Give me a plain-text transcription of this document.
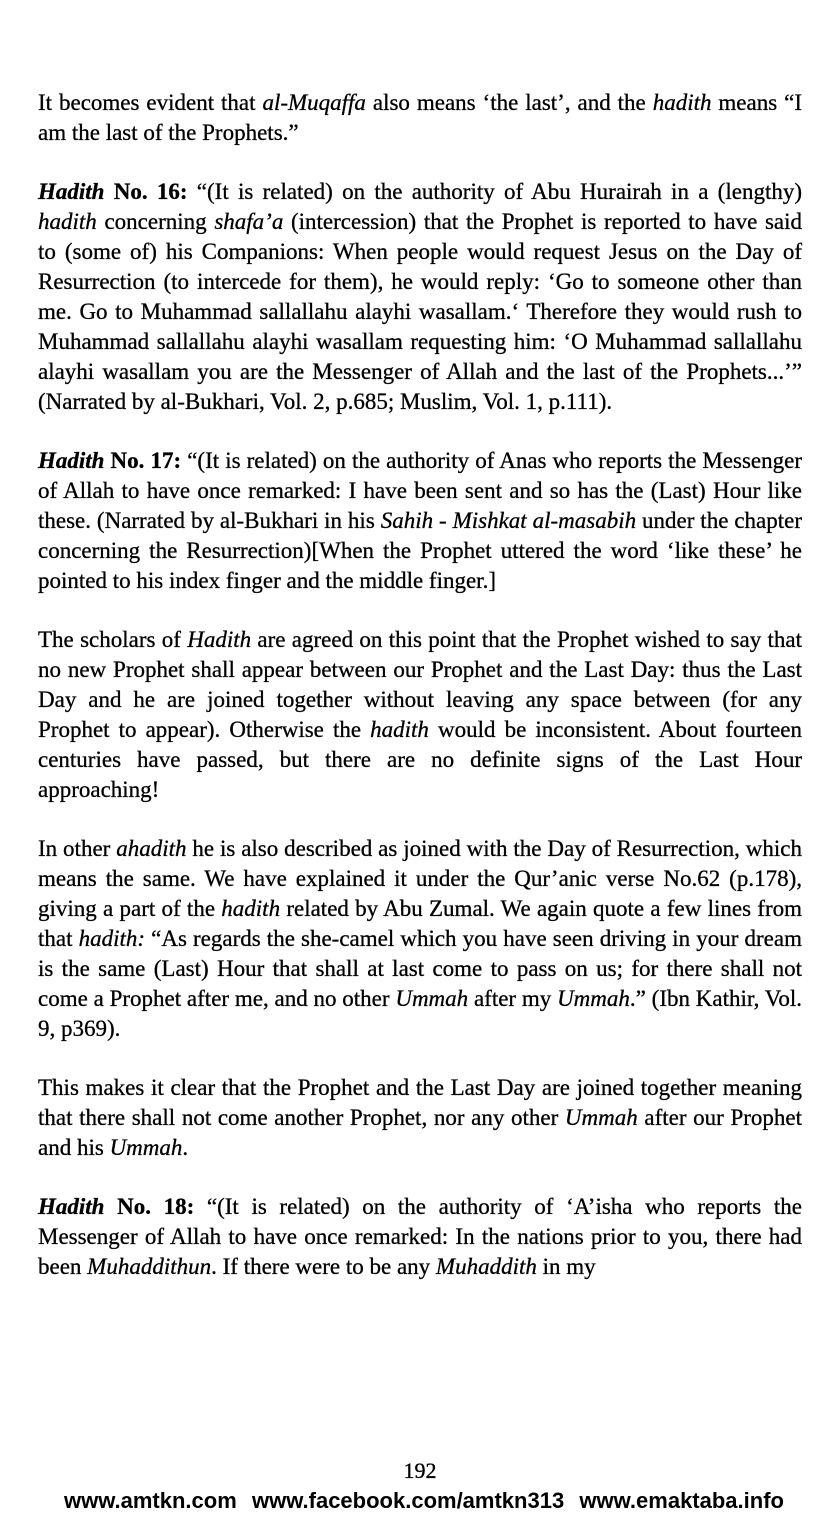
It becomes evident that al-Muqaffa also means ‘the last’, and the hadith means “I am the last of the Prophets.”

Hadith No. 16: “(It is related) on the authority of Abu Hurairah in a (lengthy) hadith concerning shafa’a (intercession) that the Prophet is reported to have said to (some of) his Companions: When people would request Jesus on the Day of Resurrection (to intercede for them), he would reply: ‘Go to someone other than me. Go to Muhammad sallallahu alayhi wasallam.‘ Therefore they would rush to Muhammad sallallahu alayhi wasallam requesting him: ‘O Muhammad sallallahu alayhi wasallam you are the Messenger of Allah and the last of the Prophets...’” (Narrated by al-Bukhari, Vol. 2, p.685; Muslim, Vol. 1, p.111).

Hadith No. 17: “(It is related) on the authority of Anas who reports the Messenger of Allah to have once remarked: I have been sent and so has the (Last) Hour like these. (Narrated by al-Bukhari in his Sahih - Mishkat al-masabih under the chapter concerning the Resurrection)[When the Prophet uttered the word ‘like these’ he pointed to his index finger and the middle finger.]

The scholars of Hadith are agreed on this point that the Prophet wished to say that no new Prophet shall appear between our Prophet and the Last Day: thus the Last Day and he are joined together without leaving any space between (for any Prophet to appear). Otherwise the hadith would be inconsistent. About fourteen centuries have passed, but there are no definite signs of the Last Hour approaching!

In other ahadith he is also described as joined with the Day of Resurrection, which means the same. We have explained it under the Qur’anic verse No.62 (p.178), giving a part of the hadith related by Abu Zumal. We again quote a few lines from that hadith: “As regards the she-camel which you have seen driving in your dream is the same (Last) Hour that shall at last come to pass on us; for there shall not come a Prophet after me, and no other Ummah after my Ummah.” (Ibn Kathir, Vol. 9, p369).

This makes it clear that the Prophet and the Last Day are joined together meaning that there shall not come another Prophet, nor any other Ummah after our Prophet and his Ummah.

Hadith No. 18: “(It is related) on the authority of ‘A’isha who reports the Messenger of Allah to have once remarked: In the nations prior to you, there had been Muhaddithun. If there were to be any Muhaddith in my

192
www.amtkn.com www.facebook.com/amtkn313 www.emaktaba.info
